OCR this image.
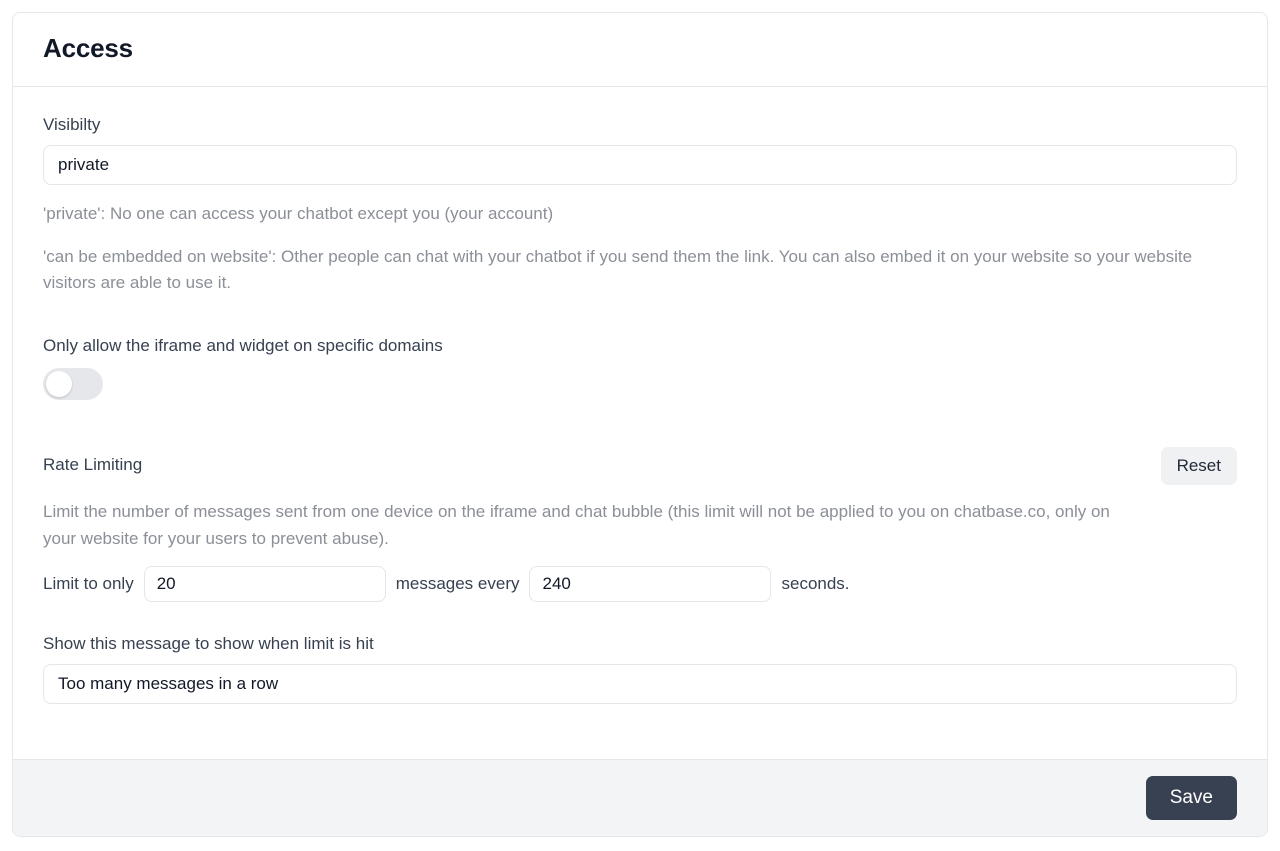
Access
Visibilty
private
'private': No one can access your chatbot except you (your account)
'can be embedded on website': Other people can chat with your chatbot if you send them the link. You can also embed it on your website so your website visitors are able to use it.
Only allow the iframe and widget on specific domains
Rate Limiting	Reset
Limit the number of messages sent from one device on the iframe and chat bubble (this limit will not be applied to you on chatbase.co, only on your website for your users to prevent abuse).
Limit to only
20	messages every
240	seconds.
Show this message to show when limit is hit
Too many messages in a row
Save
